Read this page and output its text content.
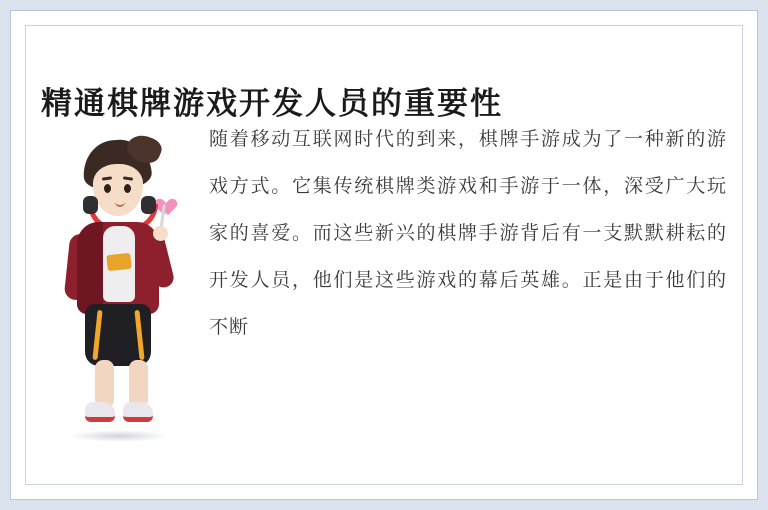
精通棋牌游戏开发人员的重要性
随着移动互联网时代的到来，棋牌手游成为了一种新的游戏方式。它集传统棋牌类游戏和手游于一体，深受广大玩家的喜爱。而这些新兴的棋牌手游背后有一支默默耕耘的开发人员，他们是这些游戏的幕后英雄。正是由于他们的不断
